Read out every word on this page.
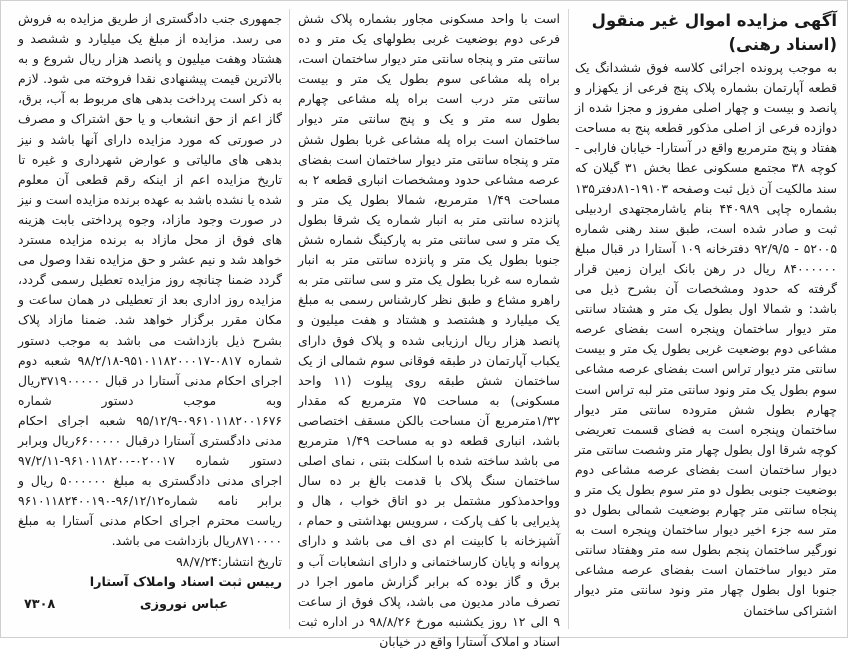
آگهی مزایده اموال غیر منقول (اسناد رهنی)

به موجب پرونده اجرائی کلاسه فوق ششدانگ یک قطعه آپارتمان بشماره پلاک پنج فرعی از یکهزار و پانصد و بیست و چهار اصلی مفروز و مجزا شده از دوازده فرعی از اصلی مذکور قطعه پنج به مساحت هفتاد و پنج مترمربع واقع در آستارا- خیابان فارابی - کوچه ۳۸ مجتمع مسکونی عطا بخش ۳۱ گیلان که سند مالکیت آن ذیل ثبت وصفحه ۱۹۱۰۳-۸۱دفتر۱۳۵ بشماره چاپی ۴۴۰۹۸۹ بنام یاشارمجتهدی اردبیلی ثبت و صادر شده است، طبق سند رهنی شماره ۵۲۰۰۵ - ۹۲/۹/۵ دفترخانه ۱۰۹ آستارا در قبال مبلغ ۸۴۰۰۰۰۰۰ ریال در رهن بانک ایران زمین قرار گرفته که حدود ومشخصات آن بشرح ذیل می باشد: و شمالا اول بطول یک متر و هشتاد سانتی متر دیوار ساختمان وپنجره است بفضای عرصه مشاعی دوم بوضعیت غربی بطول یک متر و بیست سانتی متر دیوار تراس است بفضای عرصه مشاعی سوم بطول یک متر ونود سانتی متر لبه تراس است چهارم بطول شش متروده سانتی متر دیوار ساختمان وپنجره است به فضای قسمت تعریضی کوچه شرقا اول بطول چهار متر وشصت سانتی متر دیوار ساختمان است بفضای عرصه مشاعی دوم بوضعیت جنوبی بطول دو متر سوم بطول یک متر و پنجاه سانتی متر چهارم بوضعیت شمالی بطول دو متر سه جزء اخیر دیوار ساختمان وپنجره است به نورگیر ساختمان پنجم بطول سه متر وهفتاد سانتی متر دیوار ساختمان است بفضای عرصه مشاعی جنوبا اول بطول چهار متر ونود سانتی متر دیوار اشتراکی ساختمان

است با واحد مسکونی مجاور بشماره پلاک شش فرعی دوم بوضعیت غربی بطولهای یک متر و ده سانتی متر و پنجاه سانتی متر دیوار ساختمان است، براه پله مشاعی سوم بطول یک متر و بیست سانتی متر درب است براه پله مشاعی چهارم بطول سه متر و یک و پنج سانتی متر دیوار ساختمان است براه پله مشاعی غربا بطول شش متر و پنجاه سانتی متر دیوار ساختمان است بفضای عرصه مشاعی حدود ومشخصات انباری قطعه ۲ به مساحت ۱/۴۹ مترمربع، شمالا بطول یک متر و پانزده سانتی متر به انبار شماره یک شرقا بطول یک متر و سی سانتی متر به پارکینگ شماره شش جنوبا بطول یک متر و پانزده سانتی متر به انبار شماره سه غربا بطول یک متر و سی سانتی متر به راهرو مشاع و طبق نظر کارشناس رسمی به مبلغ یک میلیارد و هشتصد و هشتاد و هفت میلیون و پانصد هزار ریال ارزیابی شده و پلاک فوق دارای یکباب آپارتمان در طبقه فوقانی سوم شمالی از یک ساختمان شش طبقه روی پیلوت (۱۱ واحد مسکونی) به مساحت ۷۵ مترمربع که مقدار ۱/۳۲مترمربع آن مساحت بالکن مسقف اختصاصی باشد، انباری قطعه دو به مساحت ۱/۴۹ مترمربع می باشد ساخته شده با اسکلت بتنی ، نمای اصلی ساختمان سنگ پلاک با قدمت بالغ بر ده سال وواحدمذکور مشتمل بر دو اتاق خواب ، هال و پذیرایی با کف پارکت ، سرویس بهداشتی و حمام ، آشپزخانه با کابینت ام دی اف می باشد و دارای پروانه و پایان کارساختمانی و دارای انشعابات آب و برق و گاز بوده که برابر گزارش مامور اجرا در تصرف مادر مدیون می باشد، پلاک فوق از ساعت ۹ الی ۱۲ روز یکشنبه مورخ ۹۸/۸/۲۶ در اداره ثبت اسناد و املاک آستارا واقع در خیابان

جمهوری جنب دادگستری از طریق مزایده به فروش می رسد. مزایده از مبلغ یک میلیارد و ششصد و هشتاد وهفت میلیون و پانصد هزار ریال شروع و به بالاترین قیمت پیشنهادی نقدا فروخته می شود. لازم به ذکر است پرداخت بدهی های مربوط به آب، برق، گاز اعم از حق انشعاب و یا حق اشتراک و مصرف در صورتی که مورد مزایده دارای آنها باشد و نیز بدهی های مالیاتی و عوارض شهرداری و غیره تا تاریخ مزایده اعم از اینکه رقم قطعی آن معلوم شده یا نشده باشد به عهده برنده مزایده است و نیز در صورت وجود مازاد، وجوه پرداختی بابت هزینه های فوق از محل مازاد به برنده مزایده مسترد خواهد شد و نیم عشر و حق مزایده نقدا وصول می گردد ضمنا چنانچه روز مزایده تعطیل رسمی گردد، مزایده روز اداری بعد از تعطیلی در همان ساعت و مکان مقرر برگزار خواهد شد. ضمنا مازاد پلاک بشرح ذیل بازداشت می باشد به موجب دستور شماره ۰۸۱۷-۹۵۱۰۱۱۸۲۰۰۰۱۷-۹۸/۲/۱۸ شعبه دوم اجرای احکام مدنی آستارا در قبال ۳۷۱۹۰۰۰۰۰ریال وبه موجب دستور شماره ۰۹۶۱۰۱۱۸۲۰۰۱۶۷۶-۹۵/۱۲/۹ شعبه اجرای احکام مدنی دادگستری آستارا درقبال ۶۶۰۰۰۰۰ریال وبرابر دستور شماره ۰۲۰۰۱۷-۹۶۱۰۱۱۸۲۰۰-۹۷/۲/۱۱ اجرای مدنی دادگستری به مبلغ ۵۰۰۰۰۰۰ ریال و برابر نامه شماره۹۶/۱۲/۱۲-۹۶۱۰۱۱۸۲۴۰۰۱۹۰ ریاست محترم اجرای احکام مدنی آستارا به مبلغ ۸۷۱۰۰۰۰ریال بازداشت می باشد.

تاریخ انتشار:۹۸/۷/۲۴

رییس ثبت اسناد واملاک آستارا

عباس نوروزی
۷۳۰۸
